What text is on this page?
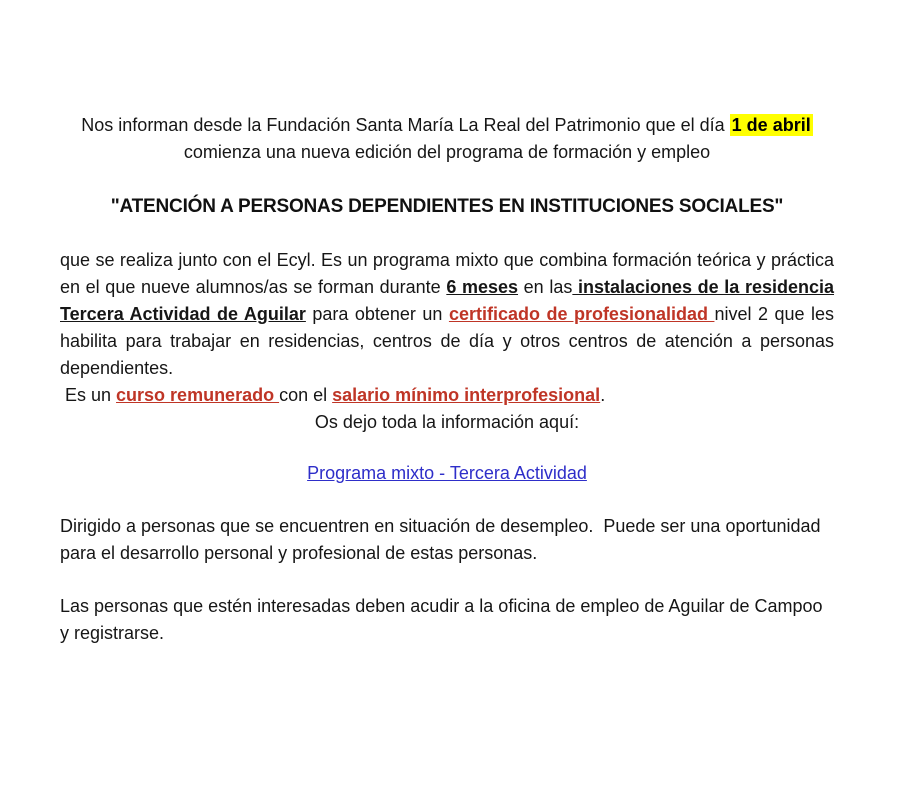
Nos informan desde la Fundación Santa María La Real del Patrimonio que el día 1 de abril comienza una nueva edición del programa de formación y empleo

"ATENCIÓN A PERSONAS DEPENDIENTES EN INSTITUCIONES SOCIALES"

que se realiza junto con el Ecyl. Es un programa mixto que combina formación teórica y práctica en el que nueve alumnos/as se forman durante 6 meses en las instalaciones de la residencia Tercera Actividad de Aguilar para obtener un certificado de profesionalidad nivel 2 que les habilita para trabajar en residencias, centros de día y otros centros de atención a personas dependientes.

Es un curso remunerado con el salario mínimo interprofesional.

Os dejo toda la información aquí:

Programa mixto - Tercera Actividad

Dirigido a personas que se encuentren en situación de desempleo.  Puede ser una oportunidad para el desarrollo personal y profesional de estas personas.

Las personas que estén interesadas deben acudir a la oficina de empleo de Aguilar de Campoo y registrarse.
